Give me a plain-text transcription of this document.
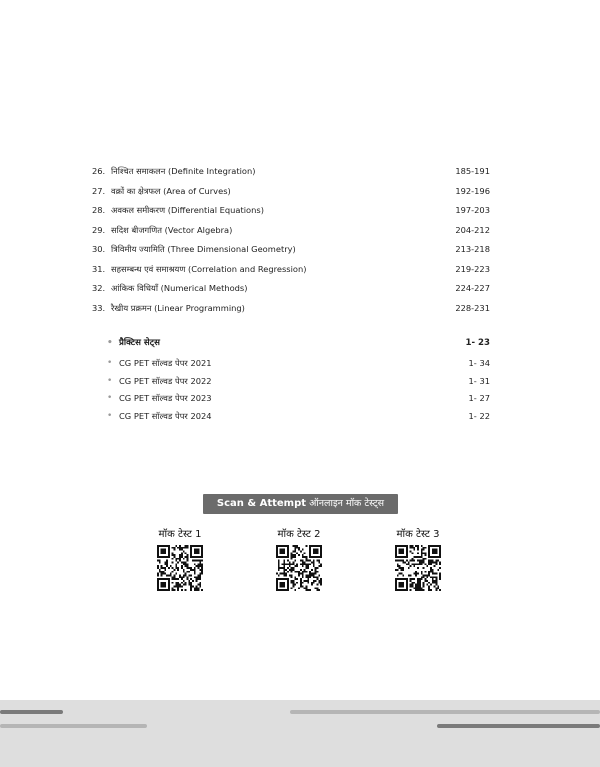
26. निश्चित समाकलन (Definite Integration)	185-191
27. वक्रों का क्षेत्रफल (Area of Curves)	192-196
28. अवकल समीकरण (Differential Equations)	197-203
29. सदिश बीजगणित (Vector Algebra)	204-212
30. त्रिविमीय ज्यामिति (Three Dimensional Geometry)	213-218
31. सहसम्बन्ध एवं समाश्रयण (Correlation and Regression)	219-223
32. आंकिक विधियाँ (Numerical Methods)	224-227
33. रैखीय प्रक्रमन (Linear Programming)	228-231
• प्रैक्टिस सेट्स	1- 23
• CG PET सॉल्वड पेपर 2021	1- 34
• CG PET सॉल्वड पेपर 2022	1- 31
• CG PET सॉल्वड पेपर 2023	1- 27
• CG PET सॉल्वड पेपर 2024	1- 22
Scan & Attempt ऑनलाइन मॉक टेस्ट्स
मॉक टेस्ट 1	मॉक टेस्ट 2	मॉक टेस्ट 3
